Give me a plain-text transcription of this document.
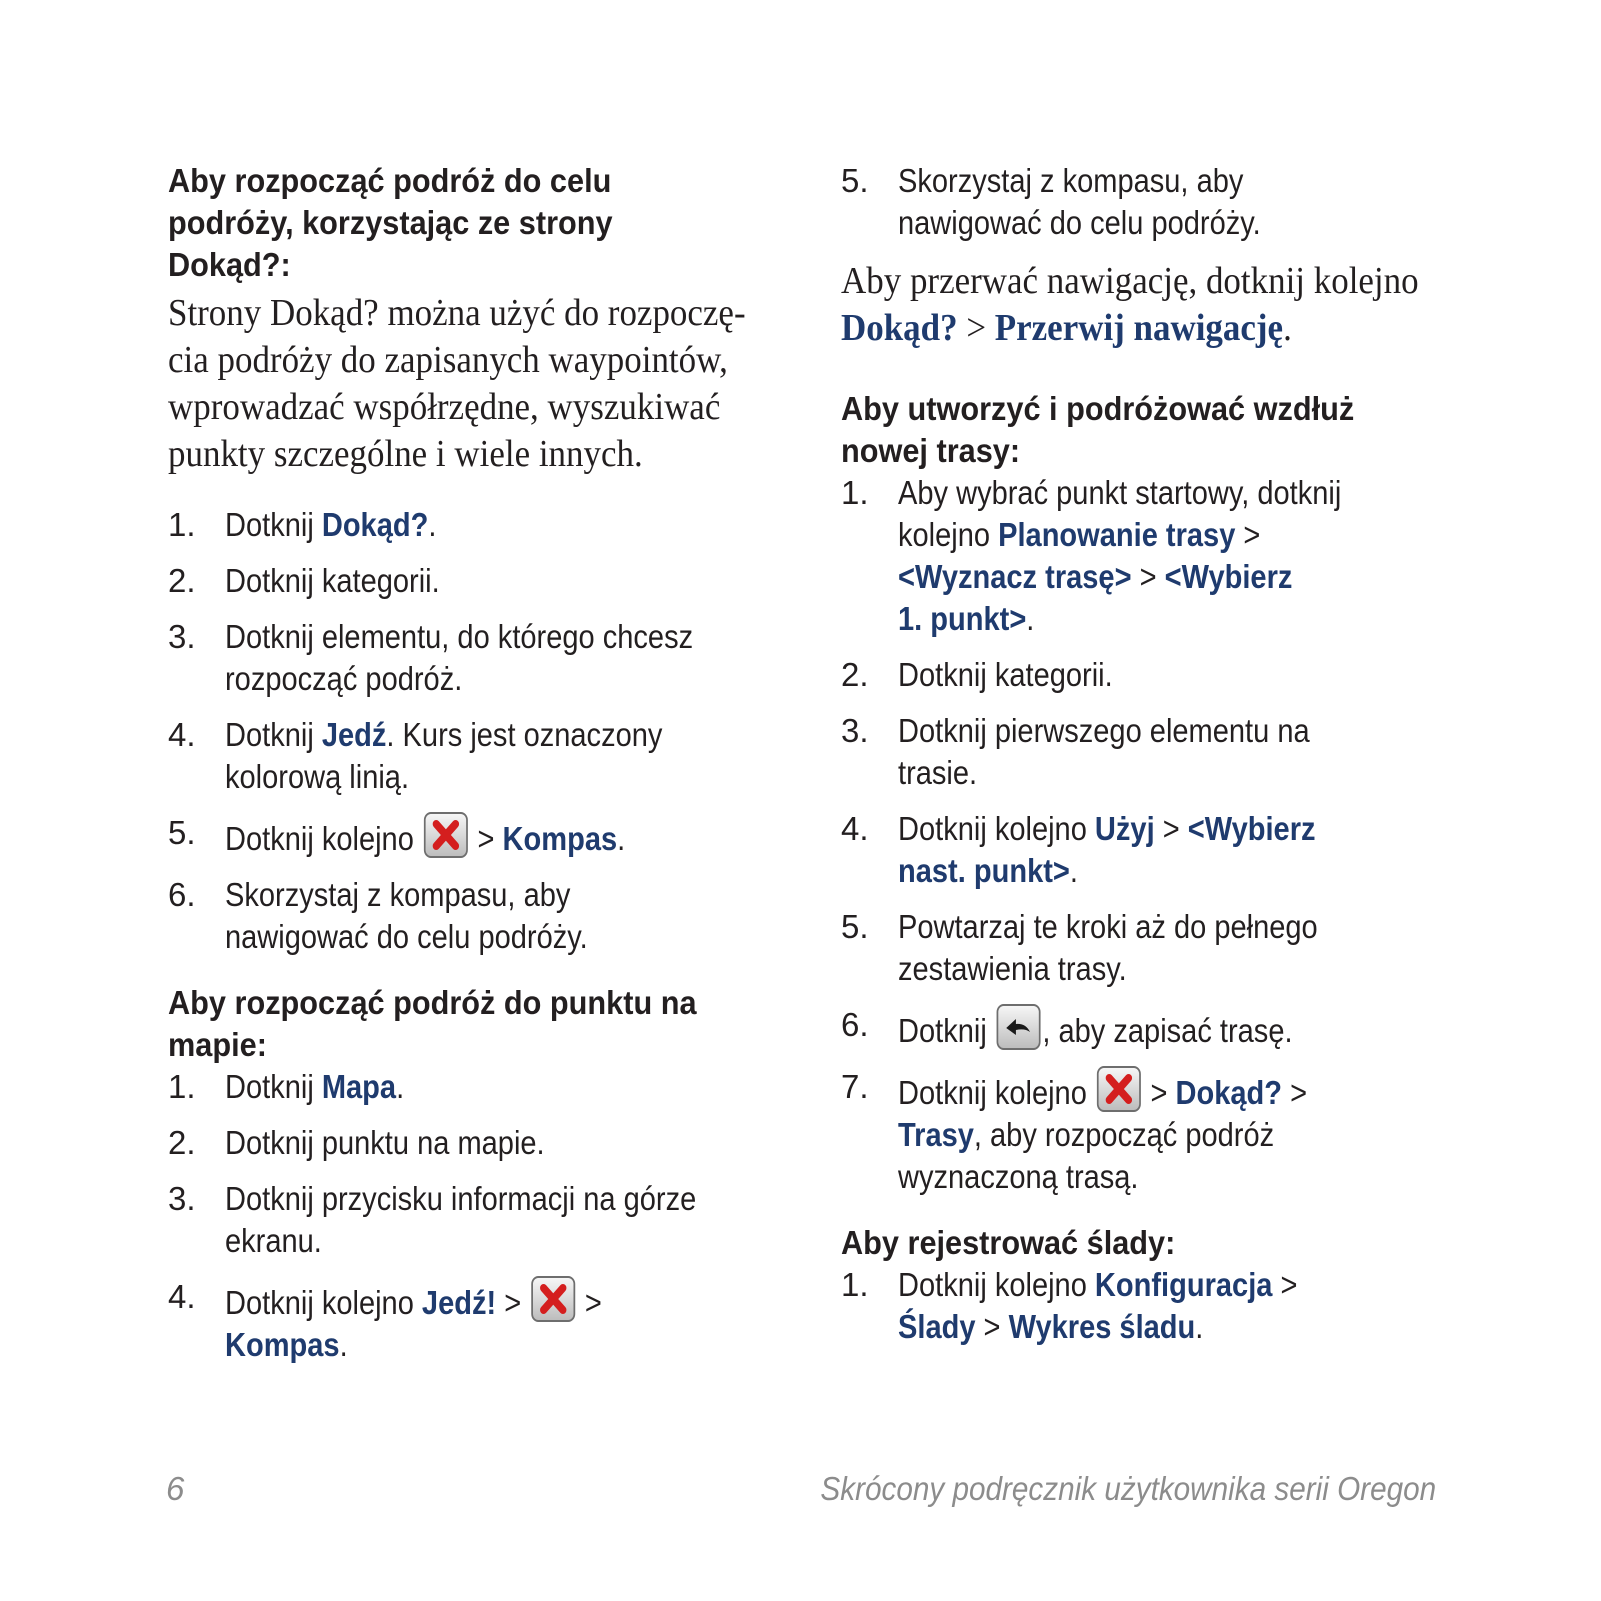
Aby rozpocząć podróż do celu
podróży, korzystając ze strony
Dokąd?:

Strony Dokąd? można użyć do rozpoczę-
cia podróży do zapisanych waypointów,
wprowadzać współrzędne, wyszukiwać
punkty szczególne i wiele innych.

1. Dotknij Dokąd?.
2. Dotknij kategorii.
3. Dotknij elementu, do którego chcesz
rozpocząć podróż.
4. Dotknij Jedź. Kurs jest oznaczony
kolorową linią.
5. Dotknij kolejno
> Kompas.
6. Skorzystaj z kompasu, aby
nawigować do celu podróży.
Aby rozpocząć podróż do punktu na
mapie:
1. Dotknij Mapa.
2. Dotknij punktu na mapie.
3. Dotknij przycisku informacji na górze
ekranu.
4. Dotknij kolejno Jedź! >
>
Kompas.
5. Skorzystaj z kompasu, aby
nawigować do celu podróży.

Aby przerwać nawigację, dotknij kolejno
Dokąd? > Przerwij nawigację.

Aby utworzyć i podróżować wzdłuż
nowej trasy:
1. Aby wybrać punkt startowy, dotknij
kolejno Planowanie trasy >
<Wyznacz trasę> > <Wybierz
1. punkt>.
2. Dotknij kategorii.
3. Dotknij pierwszego elementu na
trasie.
4. Dotknij kolejno Użyj > <Wybierz
nast. punkt>.
5. Powtarzaj te kroki aż do pełnego
zestawienia trasy.
6. Dotknij
, aby zapisać trasę.
7. Dotknij kolejno
> Dokąd? >
Trasy, aby rozpocząć podróż
wyznaczoną trasą.
Aby rejestrować ślady:
1. Dotknij kolejno Konfiguracja >
Ślady > Wykres śladu.
6	Skrócony podręcznik użytkownika serii Oregon
